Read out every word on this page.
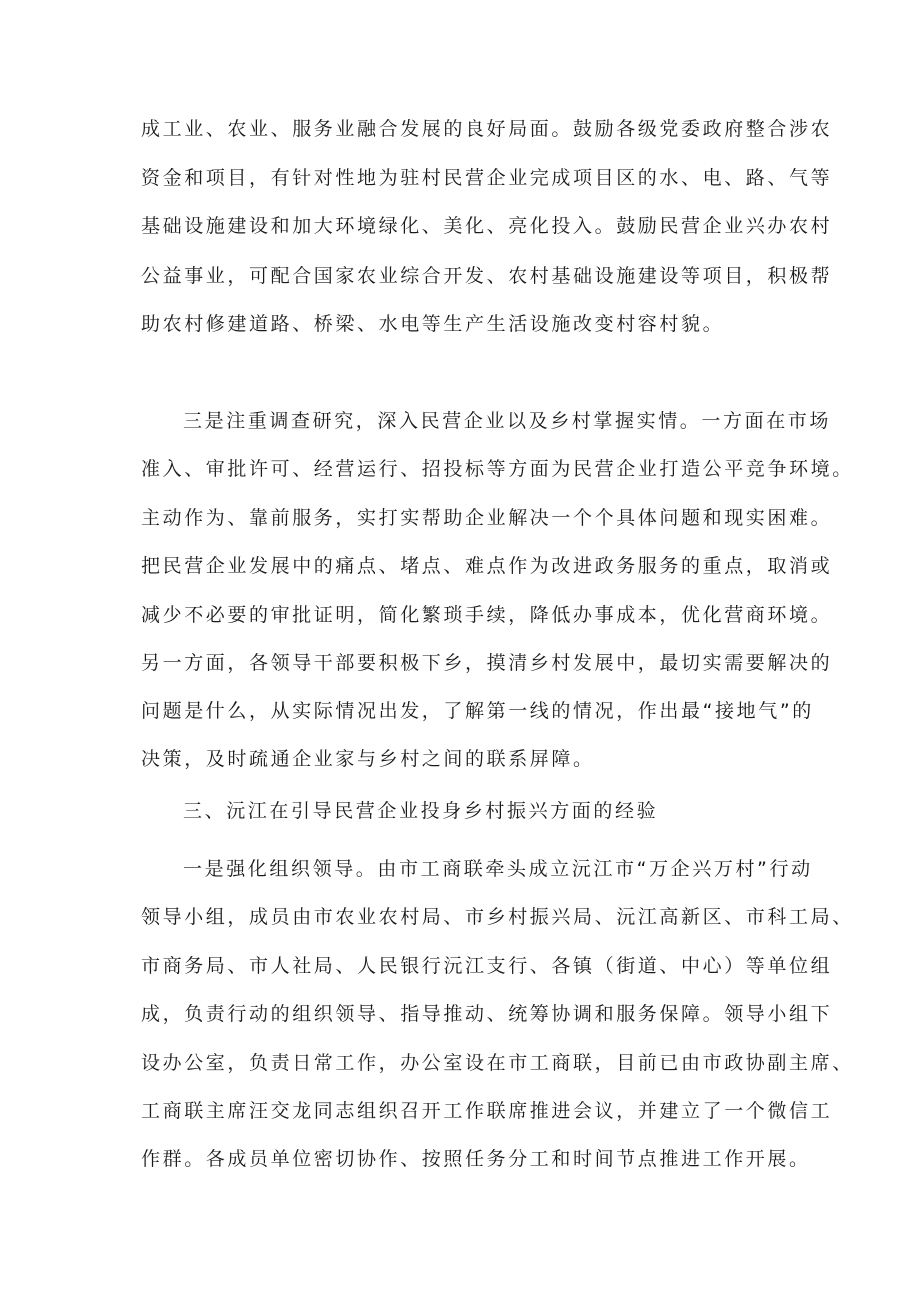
成工业、农业、服务业融合发展的良好局面。鼓励各级党委政府整合涉农
资金和项目，有针对性地为驻村民营企业完成项目区的水、电、路、气等
基础设施建设和加大环境绿化、美化、亮化投入。鼓励民营企业兴办农村
公益事业，可配合国家农业综合开发、农村基础设施建设等项目，积极帮
助农村修建道路、桥梁、水电等生产生活设施改变村容村貌。
三是注重调查研究，深入民营企业以及乡村掌握实情。一方面在市场
准入、审批许可、经营运行、招投标等方面为民营企业打造公平竞争环境。
主动作为、靠前服务，实打实帮助企业解决一个个具体问题和现实困难。
把民营企业发展中的痛点、堵点、难点作为改进政务服务的重点，取消或
减少不必要的审批证明，简化繁琐手续，降低办事成本，优化营商环境。
另一方面，各领导干部要积极下乡，摸清乡村发展中，最切实需要解决的
问题是什么，从实际情况出发，了解第一线的情况，作出最“接地气”的
决策，及时疏通企业家与乡村之间的联系屏障。
三、沅江在引导民营企业投身乡村振兴方面的经验
一是强化组织领导。由市工商联牵头成立沅江市“万企兴万村”行动
领导小组，成员由市农业农村局、市乡村振兴局、沅江高新区、市科工局、
市商务局、市人社局、人民银行沅江支行、各镇（街道、中心）等单位组
成，负责行动的组织领导、指导推动、统筹协调和服务保障。领导小组下
设办公室，负责日常工作，办公室设在市工商联，目前已由市政协副主席、
工商联主席汪交龙同志组织召开工作联席推进会议，并建立了一个微信工
作群。各成员单位密切协作、按照任务分工和时间节点推进工作开展。
